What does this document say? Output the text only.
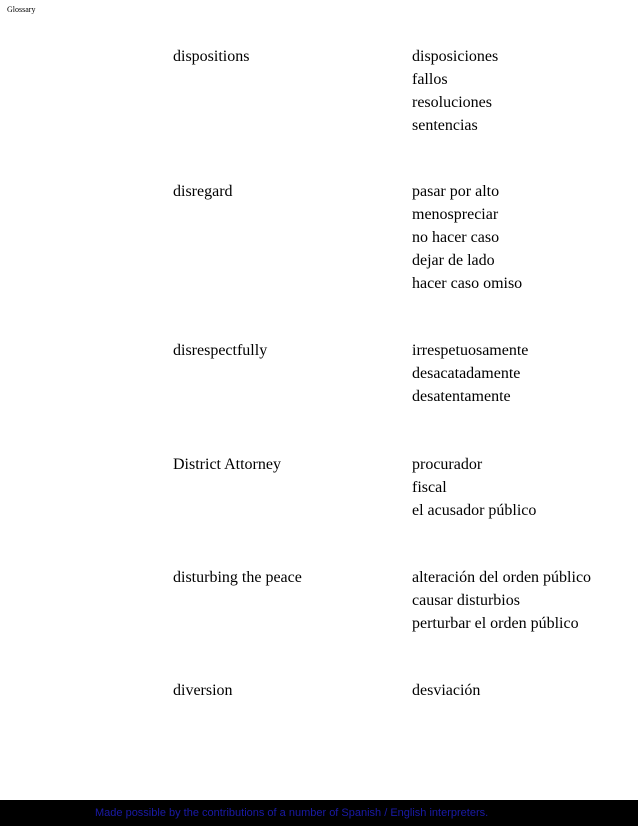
Glossary
dispositions	disposiciones
fallos
resoluciones
sentencias
disregard	pasar por alto
menospreciar
no hacer caso
dejar de lado
hacer caso omiso
disrespectfully	irrespetuosamente
desacatadamente
desatentamente
District Attorney	procurador
fiscal
el acusador público
disturbing the peace	alteración del orden público
causar disturbios
perturbar el orden público
diversion	desviación
Made possible by the contributions of a number of Spanish / English interpreters.
